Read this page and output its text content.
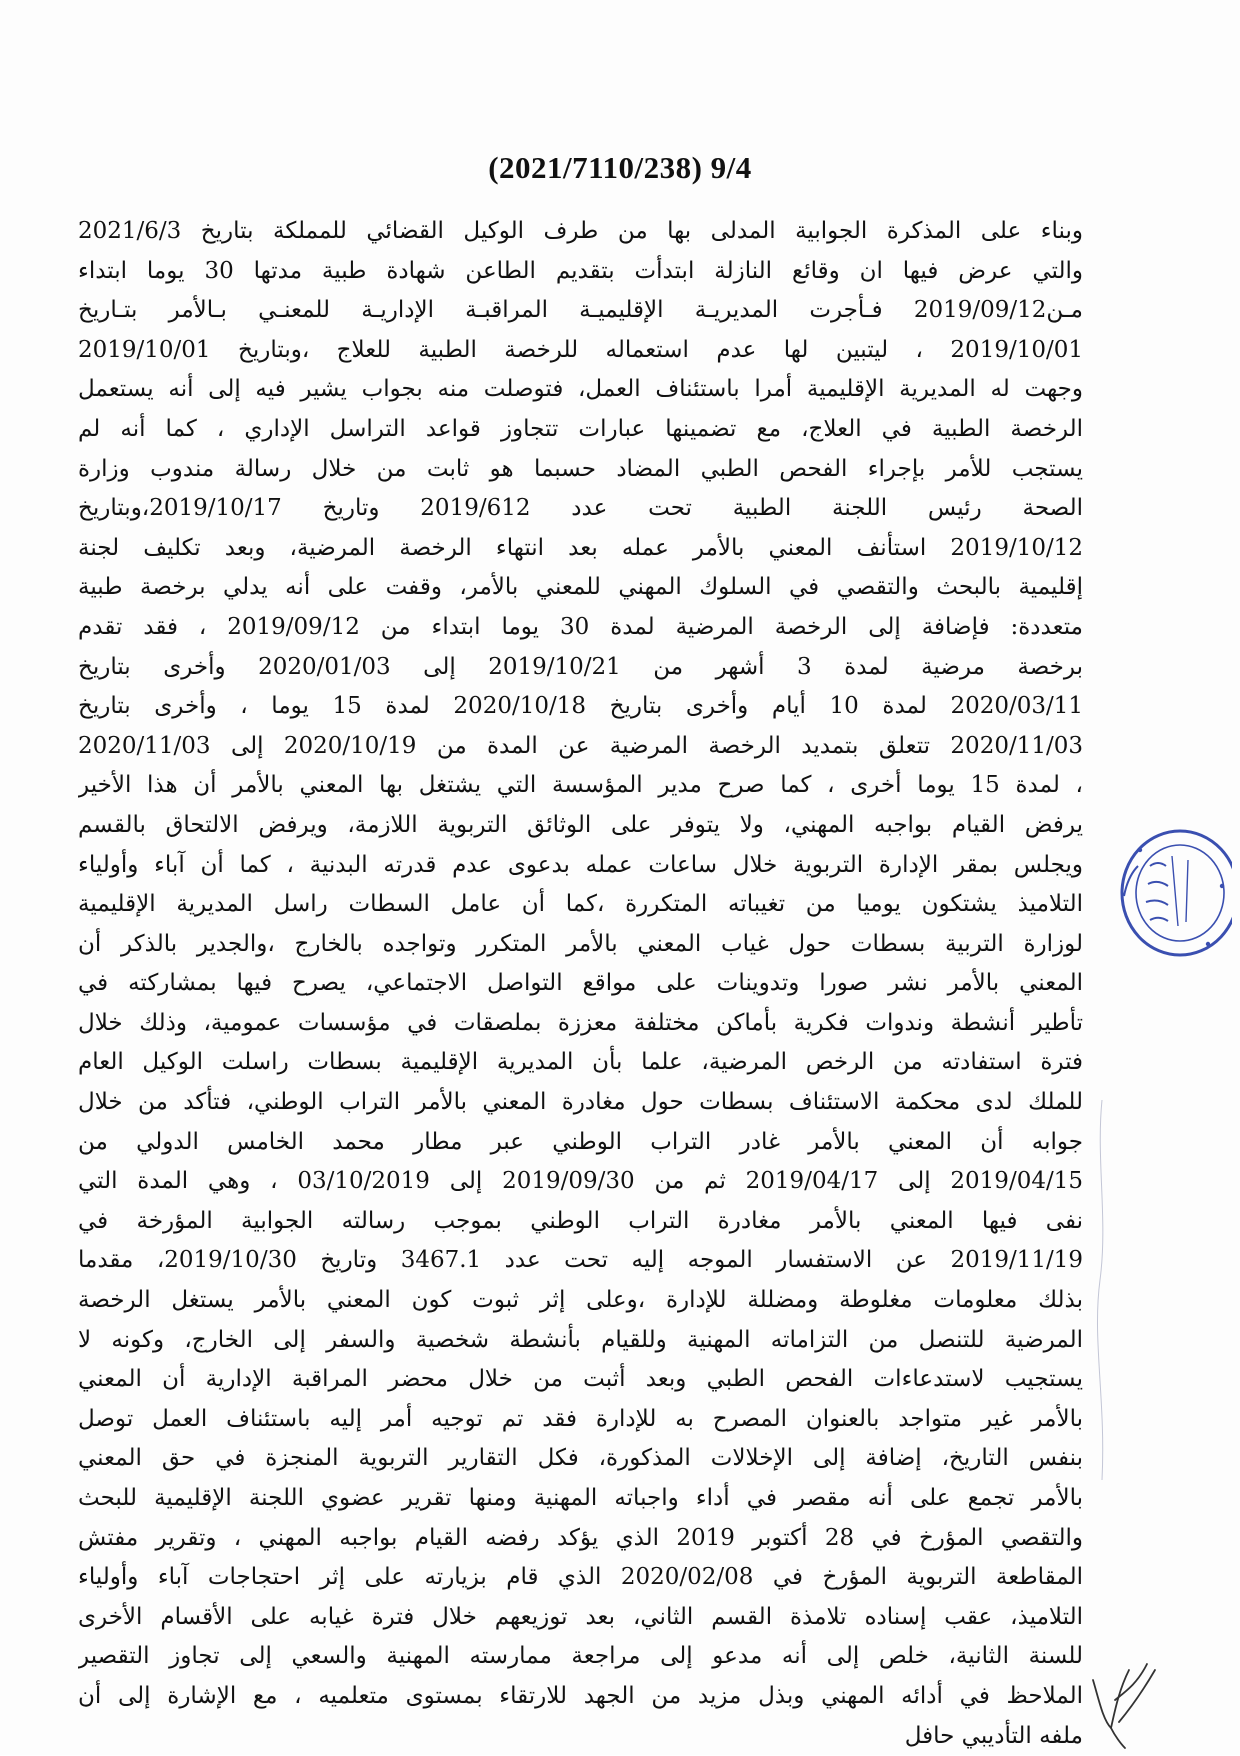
(2021/7110/238) 9/4
وبناء على المذكرة الجوابية المدلى بها من طرف الوكيل القضائي للمملكة بتاريخ 2021/6/3
والتي عرض فيها ان وقائع النازلة ابتدأت بتقديم الطاعن شهادة طبية مدتها 30 يوما ابتداء
مـن2019/09/12 فـأجرت المديريـة الإقليميـة المراقبـة الإداريـة للمعنـي بـالأمر بتـاريخ
2019/10/01 ، ليتبين لها عدم استعماله للرخصة الطبية للعلاج ،وبتاريخ 2019/10/01
وجهت له المديرية الإقليمية أمرا باستئناف العمل، فتوصلت منه بجواب يشير فيه إلى أنه يستعمل
الرخصة الطبية في العلاج، مع تضمينها عبارات تتجاوز قواعد التراسل الإداري ، كما أنه لم
يستجب للأمر بإجراء الفحص الطبي المضاد حسبما هو ثابت من خلال رسالة مندوب وزارة
الصحة رئيس اللجنة الطبية تحت عدد 2019/612 وتاريخ 2019/10/17،وبتاريخ
2019/10/12 استأنف المعني بالأمر عمله بعد انتهاء الرخصة المرضية، وبعد تكليف لجنة
إقليمية بالبحث والتقصي في السلوك المهني للمعني بالأمر، وقفت على أنه يدلي برخصة طبية
متعددة: فإضافة إلى الرخصة المرضية لمدة 30 يوما ابتداء من 2019/09/12 ، فقد تقدم
برخصة مرضية لمدة 3 أشهر من 2019/10/21 إلى 2020/01/03 وأخرى بتاريخ
2020/03/11 لمدة 10 أيام وأخرى بتاريخ 2020/10/18 لمدة 15 يوما ، وأخرى بتاريخ
2020/11/03 تتعلق بتمديد الرخصة المرضية عن المدة من 2020/10/19 إلى 2020/11/03
، لمدة 15 يوما أخرى ، كما صرح مدير المؤسسة التي يشتغل بها المعني بالأمر أن هذا الأخير
يرفض القيام بواجبه المهني، ولا يتوفر على الوثائق التربوية اللازمة، ويرفض الالتحاق بالقسم
ويجلس بمقر الإدارة التربوية خلال ساعات عمله بدعوى عدم قدرته البدنية ، كما أن آباء وأولياء
التلاميذ يشتكون يوميا من تغيباته المتكررة ،كما أن عامل السطات راسل المديرية الإقليمية
لوزارة التربية بسطات حول غياب المعني بالأمر المتكرر وتواجده بالخارج ،والجدير بالذكر أن
المعني بالأمر نشر صورا وتدوينات على مواقع التواصل الاجتماعي، يصرح فيها بمشاركته في
تأطير أنشطة وندوات فكرية بأماكن مختلفة معززة بملصقات في مؤسسات عمومية، وذلك خلال
فترة استفادته من الرخص المرضية، علما بأن المديرية الإقليمية بسطات راسلت الوكيل العام
للملك لدى محكمة الاستئناف بسطات حول مغادرة المعني بالأمر التراب الوطني، فتأكد من خلال
جوابه أن المعني بالأمر غادر التراب الوطني عبر مطار محمد الخامس الدولي من
2019/04/15 إلى 2019/04/17 ثم من 2019/09/30 إلى 03/10/2019 ، وهي المدة التي
نفى فيها المعني بالأمر مغادرة التراب الوطني بموجب رسالته الجوابية المؤرخة في
2019/11/19 عن الاستفسار الموجه إليه تحت عدد 3467.1 وتاريخ 2019/10/30، مقدما
بذلك معلومات مغلوطة ومضللة للإدارة ،وعلى إثر ثبوت كون المعني بالأمر يستغل الرخصة
المرضية للتنصل من التزاماته المهنية وللقيام بأنشطة شخصية والسفر إلى الخارج، وكونه لا
يستجيب لاستدعاءات الفحص الطبي وبعد أثبت من خلال محضر المراقبة الإدارية أن المعني
بالأمر غير متواجد بالعنوان المصرح به للإدارة فقد تم توجيه أمر إليه باستئناف العمل توصل
بنفس التاريخ، إضافة إلى الإخلالات المذكورة، فكل التقارير التربوية المنجزة في حق المعني
بالأمر تجمع على أنه مقصر في أداء واجباته المهنية ومنها تقرير عضوي اللجنة الإقليمية للبحث
والتقصي المؤرخ في 28 أكتوبر 2019 الذي يؤكد رفضه القيام بواجبه المهني ، وتقرير مفتش
المقاطعة التربوية المؤرخ في 2020/02/08 الذي قام بزيارته على إثر احتجاجات آباء وأولياء
التلاميذ، عقب إسناده تلامذة القسم الثاني، بعد توزيعهم خلال فترة غيابه على الأقسام الأخرى
للسنة الثانية، خلص إلى أنه مدعو إلى مراجعة ممارسته المهنية والسعي إلى تجاوز التقصير
الملاحظ في أدائه المهني وبذل مزيد من الجهد للارتقاء بمستوى متعلميه ، مع الإشارة إلى أن
ملفه التأديبي حافل
